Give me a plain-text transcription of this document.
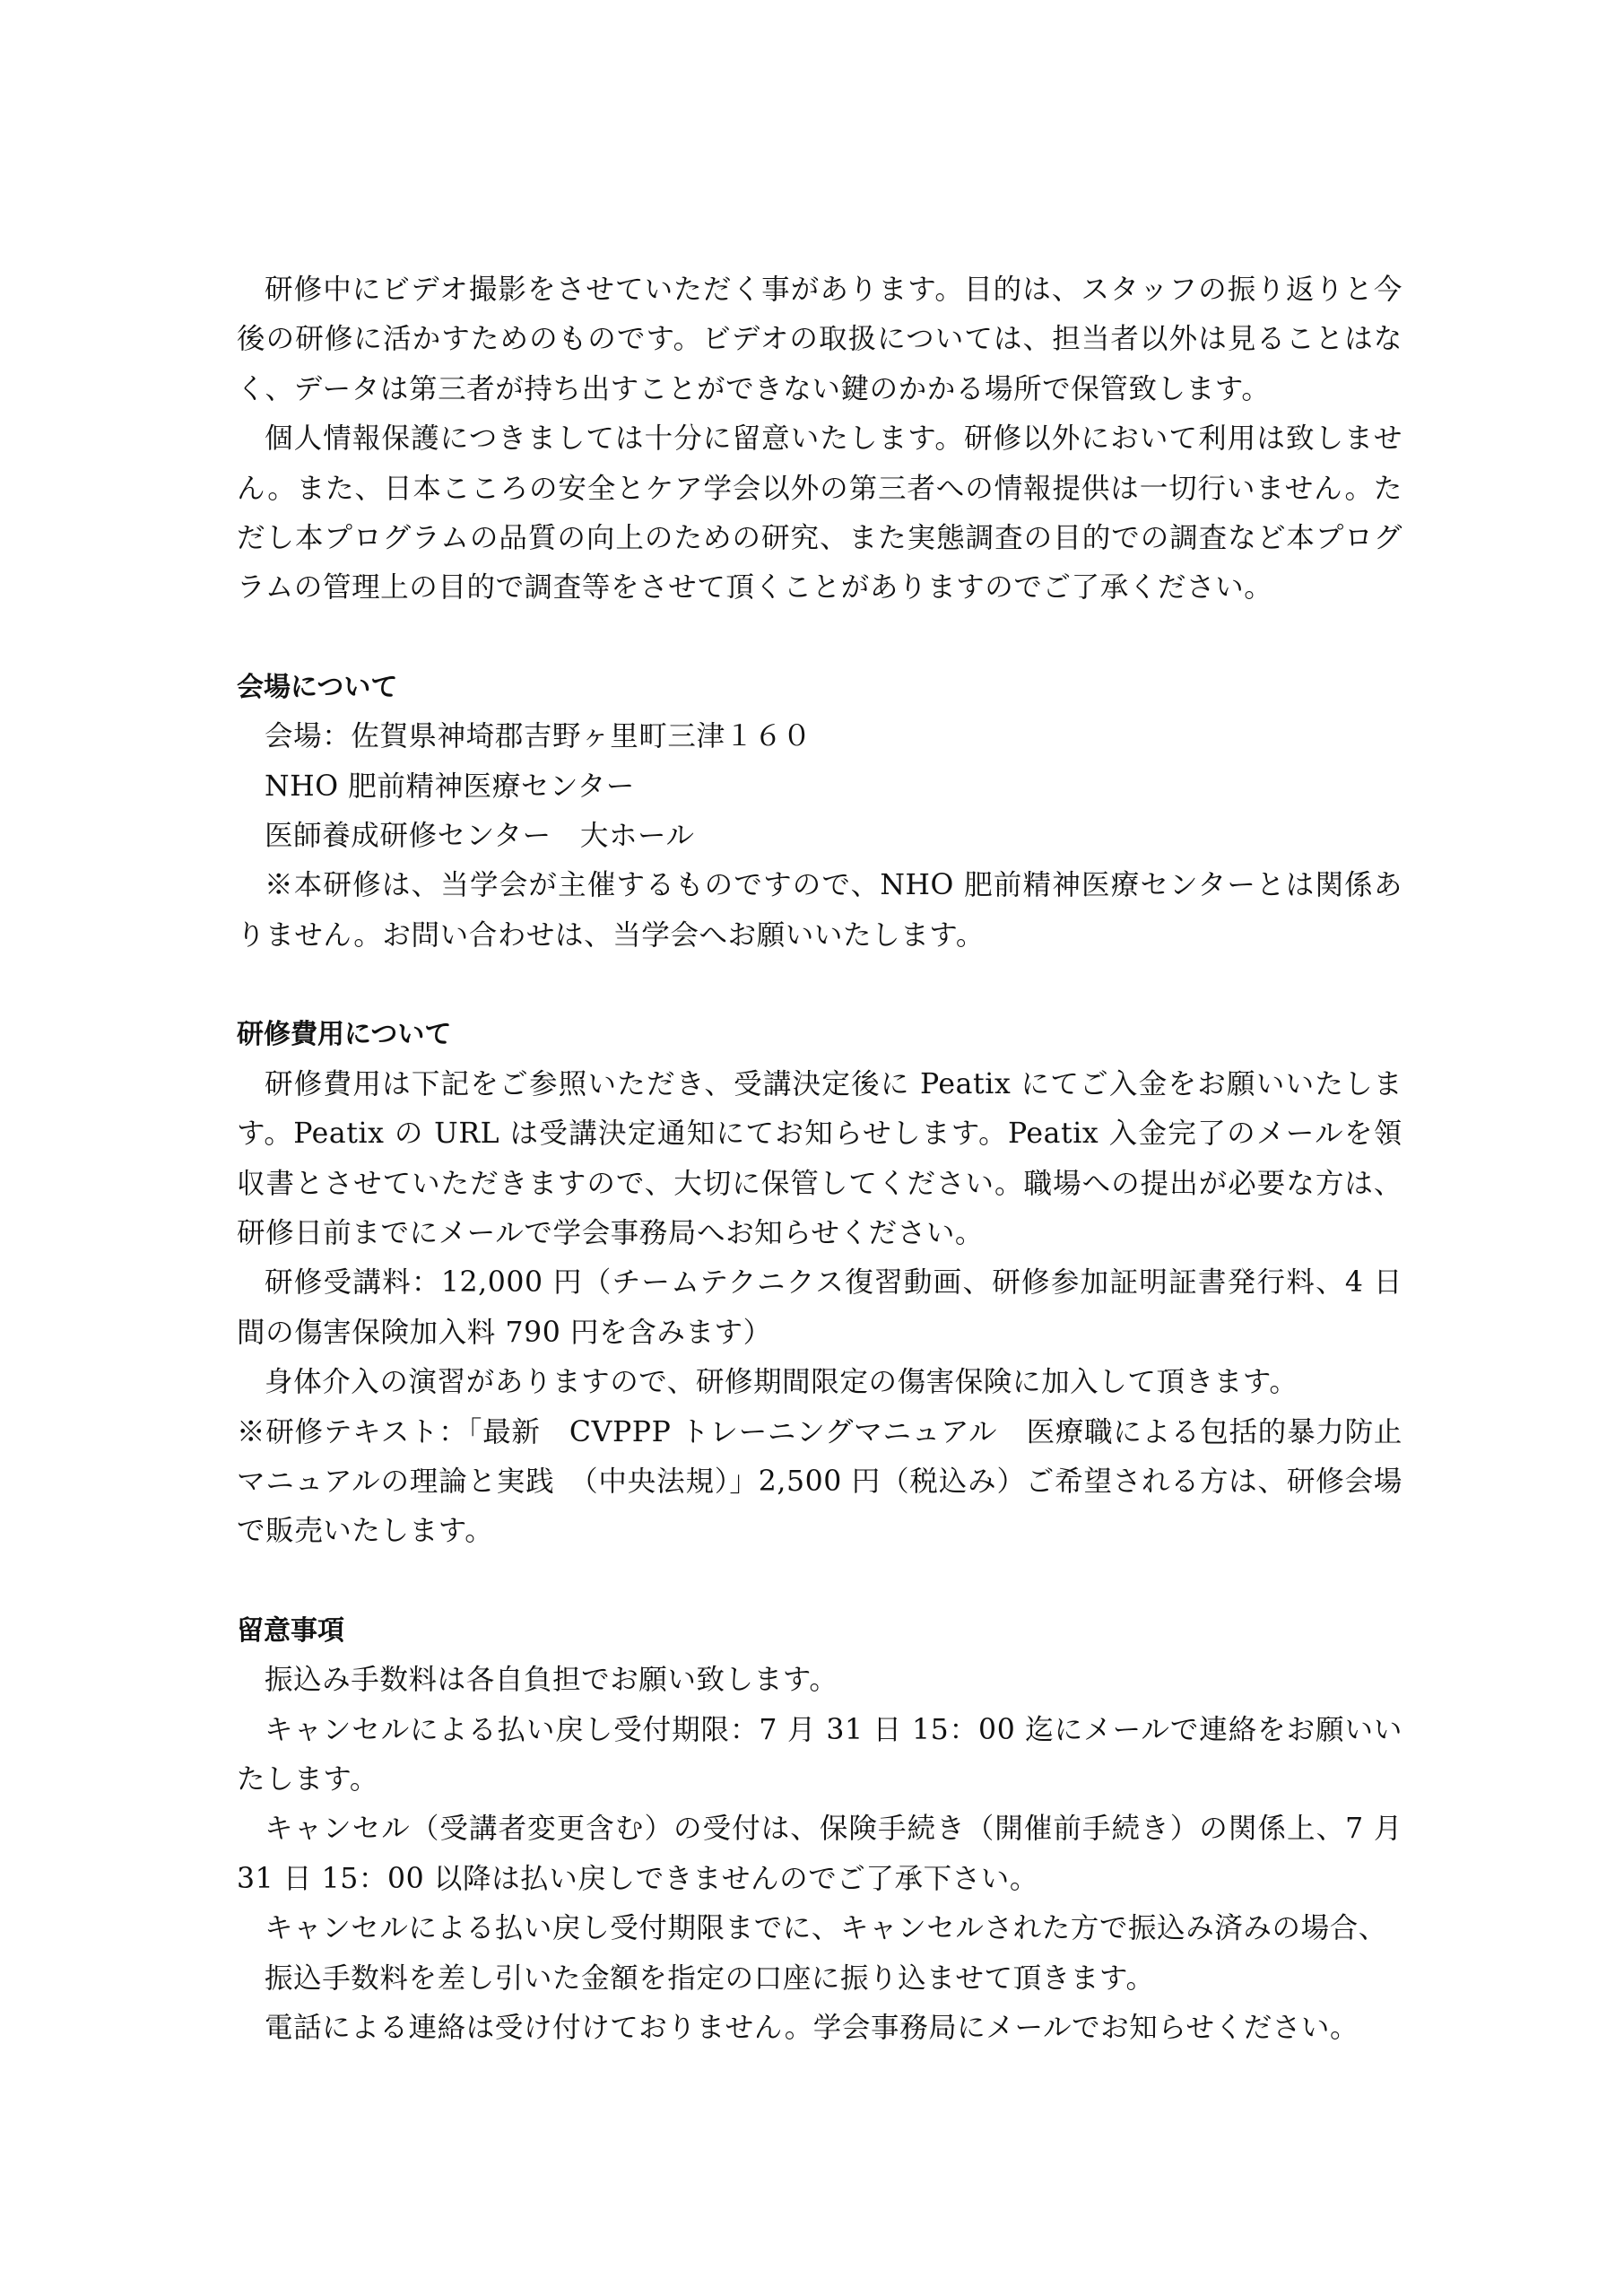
研修中にビデオ撮影をさせていただく事があります。目的は、スタッフの振り返りと今後の研修に活かすためのものです。ビデオの取扱については、担当者以外は見ることはなく、データは第三者が持ち出すことができない鍵のかかる場所で保管致します。

個人情報保護につきましては十分に留意いたします。研修以外において利用は致しません。また、日本こころの安全とケア学会以外の第三者への情報提供は一切行いません。ただし本プログラムの品質の向上のための研究、また実態調査の目的での調査など本プログラムの管理上の目的で調査等をさせて頂くことがありますのでご了承ください。

会場について

会場：佐賀県神埼郡吉野ヶ里町三津１６０

NHO 肥前精神医療センター

医師養成研修センター　大ホール

※本研修は、当学会が主催するものですので、NHO 肥前精神医療センターとは関係ありません。お問い合わせは、当学会へお願いいたします。

研修費用について

研修費用は下記をご参照いただき、受講決定後に Peatix にてご入金をお願いいたします。Peatix の URL は受講決定通知にてお知らせします。Peatix 入金完了のメールを領収書とさせていただきますので、大切に保管してください。職場への提出が必要な方は、研修日前までにメールで学会事務局へお知らせください。

研修受講料：12,000 円（チームテクニクス復習動画、研修参加証明証書発行料、4 日間の傷害保険加入料 790 円を含みます）

身体介入の演習がありますので、研修期間限定の傷害保険に加入して頂きます。

※研修テキスト：「最新　CVPPP トレーニングマニュアル　医療職による包括的暴力防止マニュアルの理論と実践　（中央法規）」2,500 円（税込み）ご希望される方は、研修会場で販売いたします。

留意事項

振込み手数料は各自負担でお願い致します。

キャンセルによる払い戻し受付期限：7 月 31 日 15：00 迄にメールで連絡をお願いいたします。

キャンセル（受講者変更含む）の受付は、保険手続き（開催前手続き）の関係上、7 月 31 日 15：00 以降は払い戻しできませんのでご了承下さい。

キャンセルによる払い戻し受付期限までに、キャンセルされた方で振込み済みの場合、

振込手数料を差し引いた金額を指定の口座に振り込ませて頂きます。

電話による連絡は受け付けておりません。学会事務局にメールでお知らせください。
